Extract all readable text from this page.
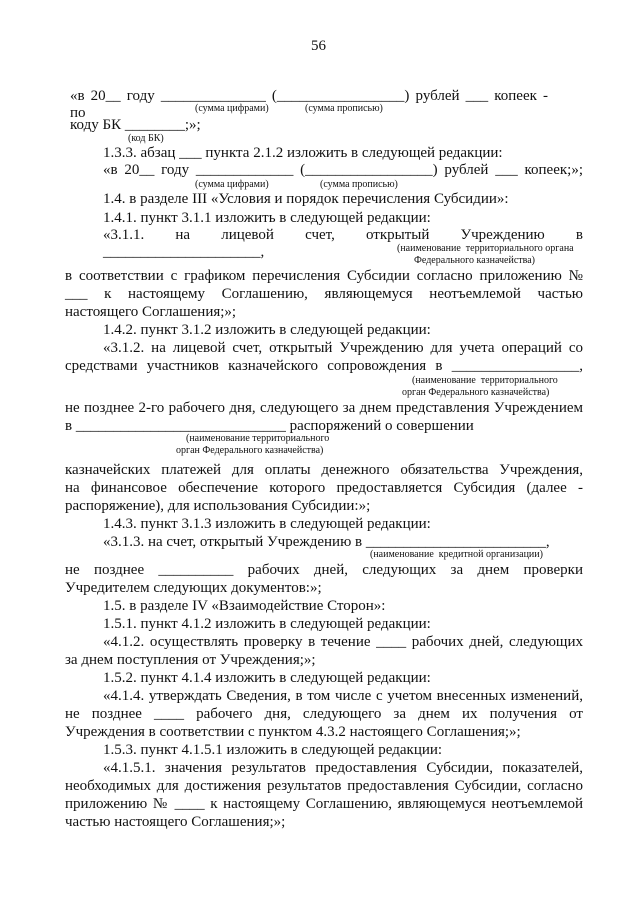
56
«в 20__ году ______________ (_________________) рублей ___ копеек - по	(сумма цифрами)	(сумма прописью)
коду БК ________;»;
(код БК)
1.3.3. абзац ___ пункта 2.1.2 изложить в следующей редакции:
«в 20__ году _____________ (_________________) рублей ___ копеек;»;
(сумма цифрами)	(сумма прописью)
1.4. в разделе III «Условия и порядок перечисления Субсидии»:
1.4.1. пункт 3.1.1 изложить в следующей редакции:
«3.1.1. на лицевой счет, открытый Учреждению в _____________________,	(наименование  территориального органа
Федерального казначейства)
в соответствии с графиком перечисления Субсидии согласно приложению №
___ к настоящему Соглашению, являющемуся неотъемлемой частью
настоящего Соглашения;»;
1.4.2. пункт 3.1.2 изложить в следующей редакции:
«3.1.2. на лицевой счет, открытый Учреждению для учета операций со
средствами участников казначейского сопровождения в _________________,
(наименование  территориального
орган Федерального казначейства)
не позднее 2-го рабочего дня, следующего за днем представления Учреждением
в ____________________________ распоряжений о совершении
(наименование территориального
орган Федерального казначейства)
казначейских платежей для оплаты денежного обязательства Учреждения,
на финансовое обеспечение которого предоставляется Субсидия (далее -
распоряжение), для использования Субсидии:»;
1.4.3. пункт 3.1.3 изложить в следующей редакции:
«3.1.3. на счет, открытый Учреждению в ________________________,
(наименование  кредитной организации)
не позднее __________ рабочих дней, следующих за днем проверки
Учредителем следующих документов:»;
1.5. в разделе IV «Взаимодействие Сторон»:
1.5.1. пункт 4.1.2 изложить в следующей редакции:
«4.1.2. осуществлять проверку в течение ____ рабочих дней, следующих
за днем поступления от Учреждения;»;
1.5.2. пункт 4.1.4 изложить в следующей редакции:
«4.1.4. утверждать Сведения, в том числе с учетом внесенных изменений,
не позднее ____ рабочего дня, следующего за днем их получения от
Учреждения в соответствии с пунктом 4.3.2 настоящего Соглашения;»;
1.5.3. пункт 4.1.5.1 изложить в следующей редакции:
«4.1.5.1. значения результатов предоставления Субсидии, показателей,
необходимых для достижения результатов предоставления Субсидии, согласно
приложению № ____ к настоящему Соглашению, являющемуся неотъемлемой
частью настоящего Соглашения;»;
